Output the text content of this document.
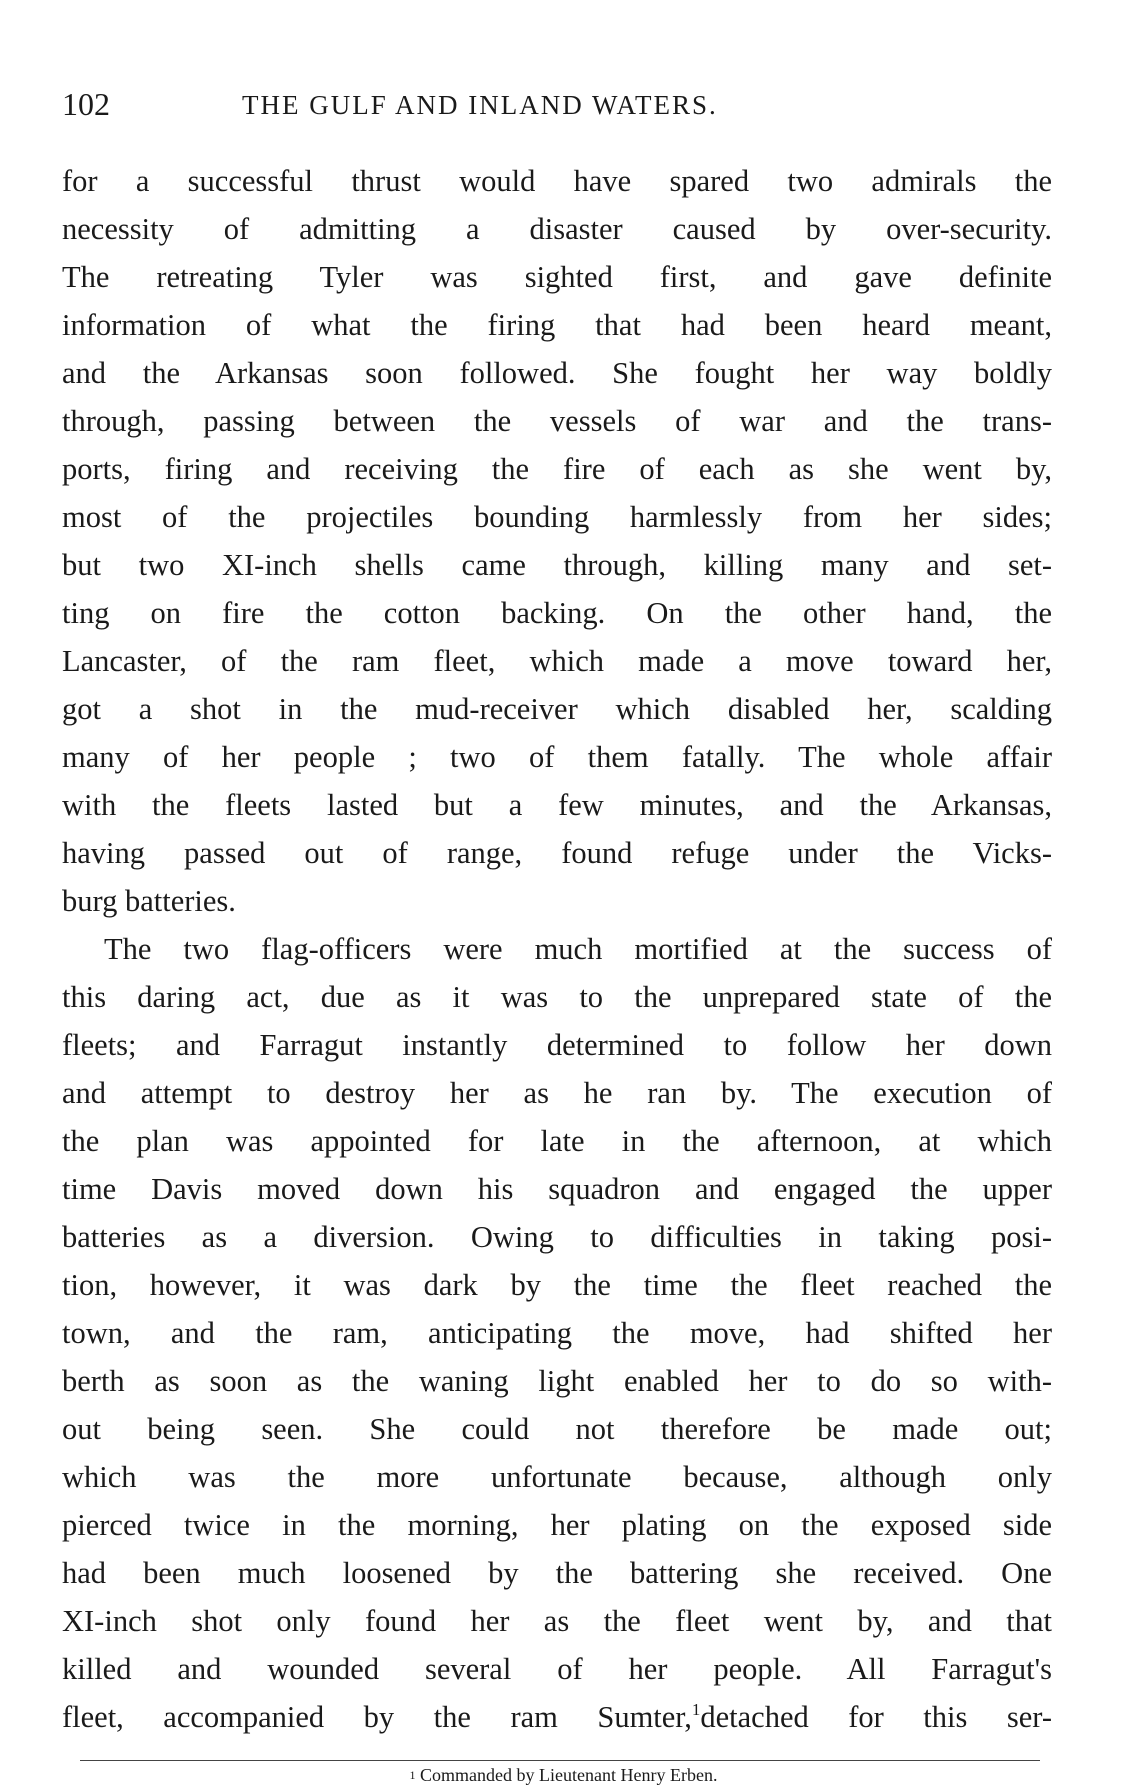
102	THE GULF AND INLAND WATERS.
for a successful thrust would have spared two admirals the
necessity of admitting a disaster caused by over-security.
The retreating Tyler was sighted first, and gave definite
information of what the firing that had been heard meant,
and the Arkansas soon followed. She fought her way boldly
through, passing between the vessels of war and the trans-
ports, firing and receiving the fire of each as she went by,
most of the projectiles bounding harmlessly from her sides;
but two XI-inch shells came through, killing many and set-
ting on fire the cotton backing. On the other hand, the
Lancaster, of the ram fleet, which made a move toward her,
got a shot in the mud-receiver which disabled her, scalding
many of her people ; two of them fatally. The whole affair
with the fleets lasted but a few minutes, and the Arkansas,
having passed out of range, found refuge under the Vicks-
burg batteries.
The two flag-officers were much mortified at the success of
this daring act, due as it was to the unprepared state of the
fleets; and Farragut instantly determined to follow her down
and attempt to destroy her as he ran by. The execution of
the plan was appointed for late in the afternoon, at which
time Davis moved down his squadron and engaged the upper
batteries as a diversion. Owing to difficulties in taking posi-
tion, however, it was dark by the time the fleet reached the
town, and the ram, anticipating the move, had shifted her
berth as soon as the waning light enabled her to do so with-
out being seen. She could not therefore be made out;
which was the more unfortunate because, although only
pierced twice in the morning, her plating on the exposed side
had been much loosened by the battering she received. One
XI-inch shot only found her as the fleet went by, and that
killed and wounded several of her people. All Farragut's
fleet, accompanied by the ram Sumter,$^1$detached for this ser-
$^1$ Commanded by Lieutenant Henry Erben.
